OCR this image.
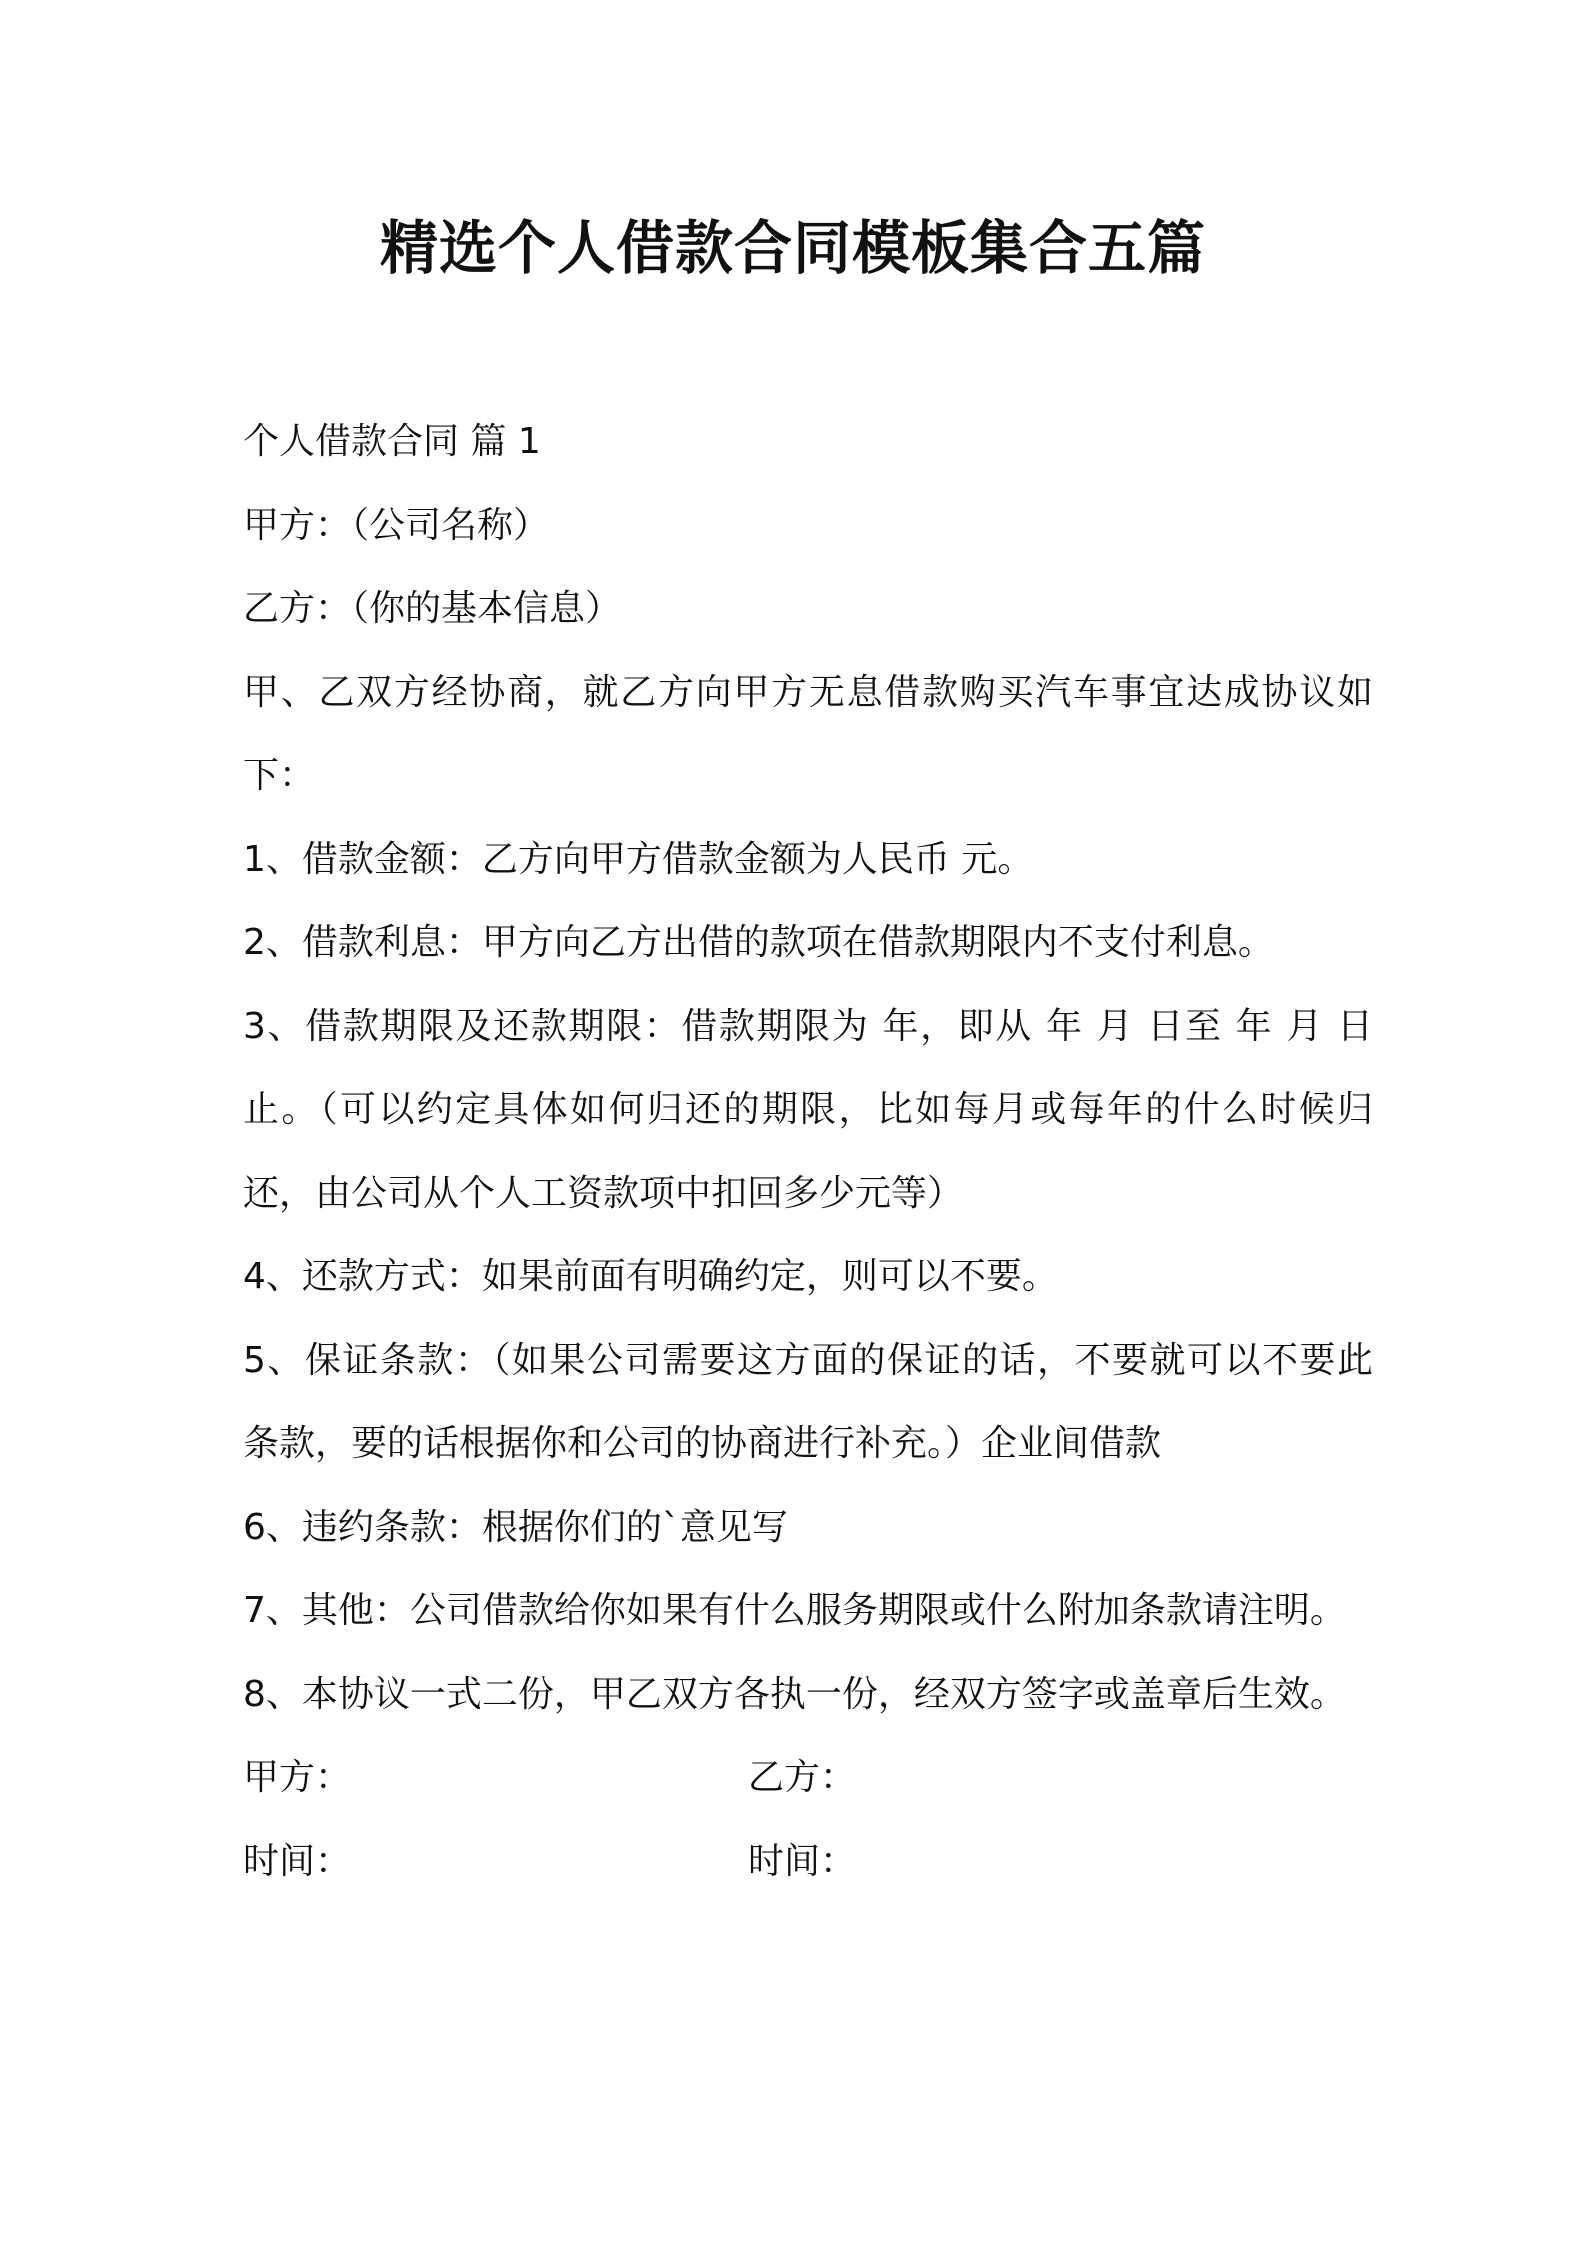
精选个人借款合同模板集合五篇

个人借款合同 篇 1

甲方：（公司名称）

乙方：（你的基本信息）

甲、乙双方经协商，就乙方向甲方无息借款购买汽车事宜达成协议如

下：

1、借款金额：乙方向甲方借款金额为人民币 元。

2、借款利息：甲方向乙方出借的款项在借款期限内不支付利息。

3、借款期限及还款期限：借款期限为 年，即从 年 月 日至 年 月 日

止。（可以约定具体如何归还的期限，比如每月或每年的什么时候归

还，由公司从个人工资款项中扣回多少元等）

4、还款方式：如果前面有明确约定，则可以不要。

5、保证条款：（如果公司需要这方面的保证的话，不要就可以不要此

条款，要的话根据你和公司的协商进行补充。）企业间借款

6、违约条款：根据你们的`意见写

7、其他：公司借款给你如果有什么服务期限或什么附加条款请注明。

8、本协议一式二份，甲乙双方各执一份，经双方签字或盖章后生效。

甲方：	乙方：
时间：	时间：
